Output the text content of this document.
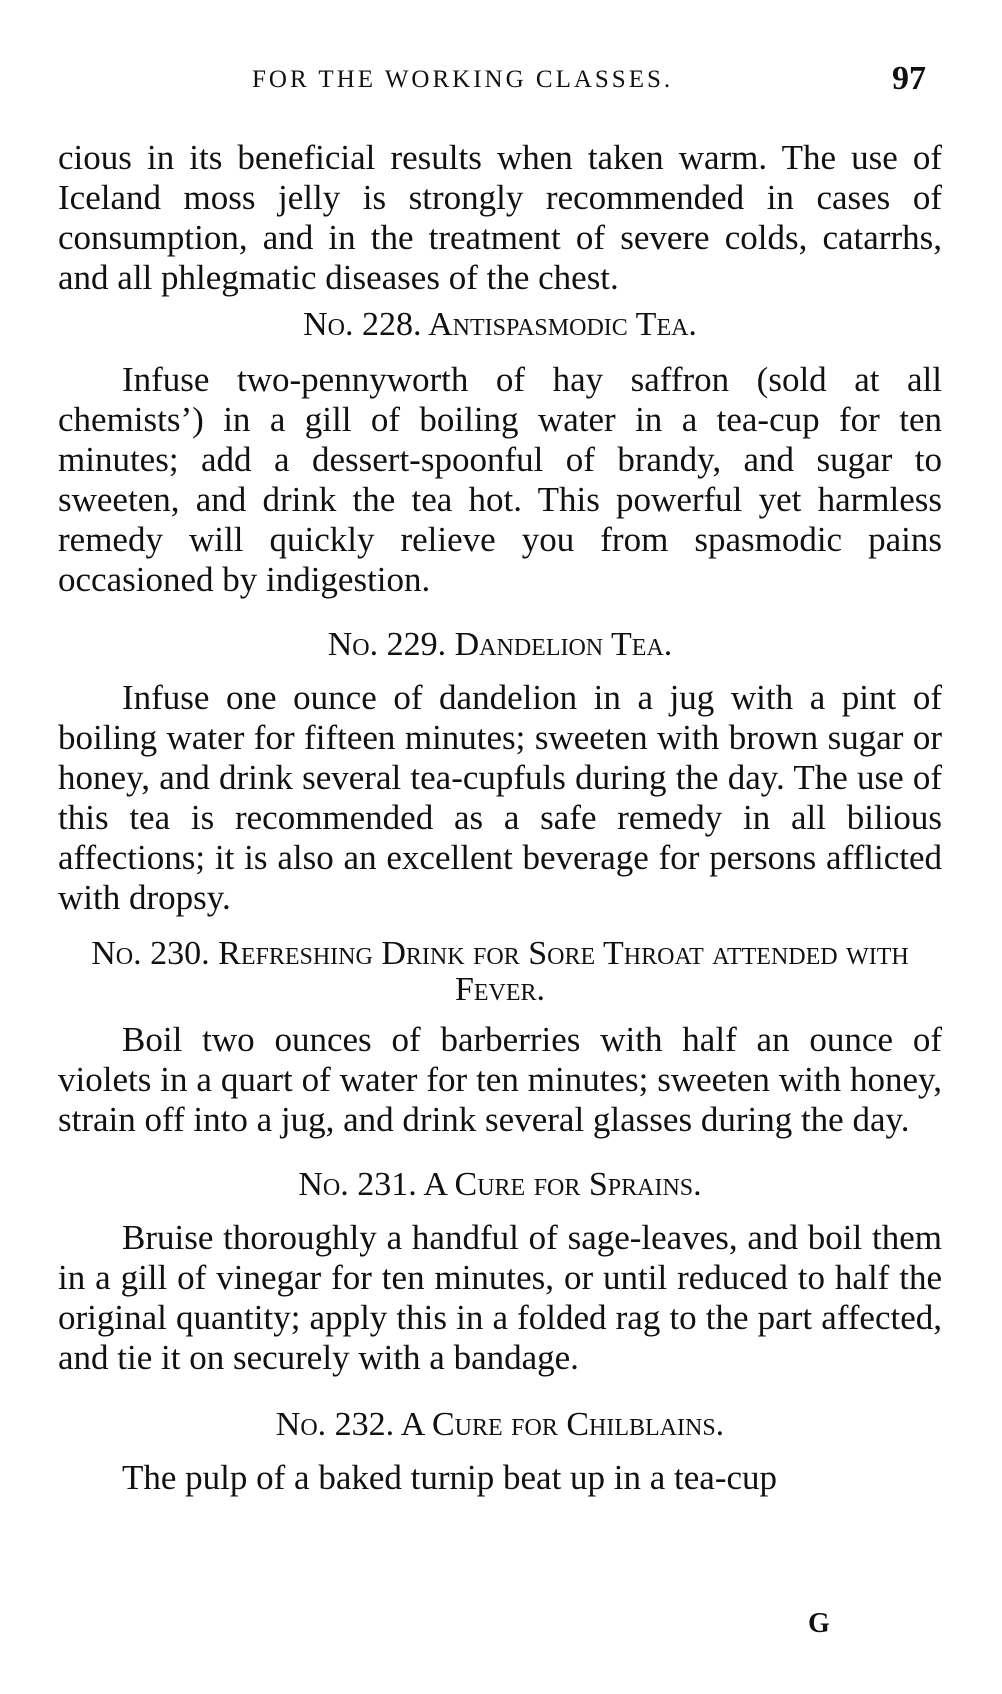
FOR THE WORKING CLASSES.	97

cious in its beneficial results when taken warm. The use of Iceland moss jelly is strongly recommended in cases of consumption, and in the treatment of severe colds, catarrhs, and all phlegmatic diseases of the chest.

No. 228. Antispasmodic Tea.

Infuse two-pennyworth of hay saffron (sold at all chemists’) in a gill of boiling water in a tea-cup for ten minutes; add a dessert-spoonful of brandy, and sugar to sweeten, and drink the tea hot. This powerful yet harmless remedy will quickly relieve you from spasmodic pains occasioned by indigestion.

No. 229. Dandelion Tea.

Infuse one ounce of dandelion in a jug with a pint of boiling water for fifteen minutes; sweeten with brown sugar or honey, and drink several tea-cupfuls during the day. The use of this tea is recommended as a safe remedy in all bilious affections; it is also an excellent beverage for persons afflicted with dropsy.

No. 230. Refreshing Drink for Sore Throat attended with Fever.

Boil two ounces of barberries with half an ounce of violets in a quart of water for ten minutes; sweeten with honey, strain off into a jug, and drink several glasses during the day.

No. 231. A Cure for Sprains.

Bruise thoroughly a handful of sage-leaves, and boil them in a gill of vinegar for ten minutes, or until reduced to half the original quantity; apply this in a folded rag to the part affected, and tie it on securely with a bandage.

No. 232. A Cure for Chilblains.

The pulp of a baked turnip beat up in a tea-cup

G
